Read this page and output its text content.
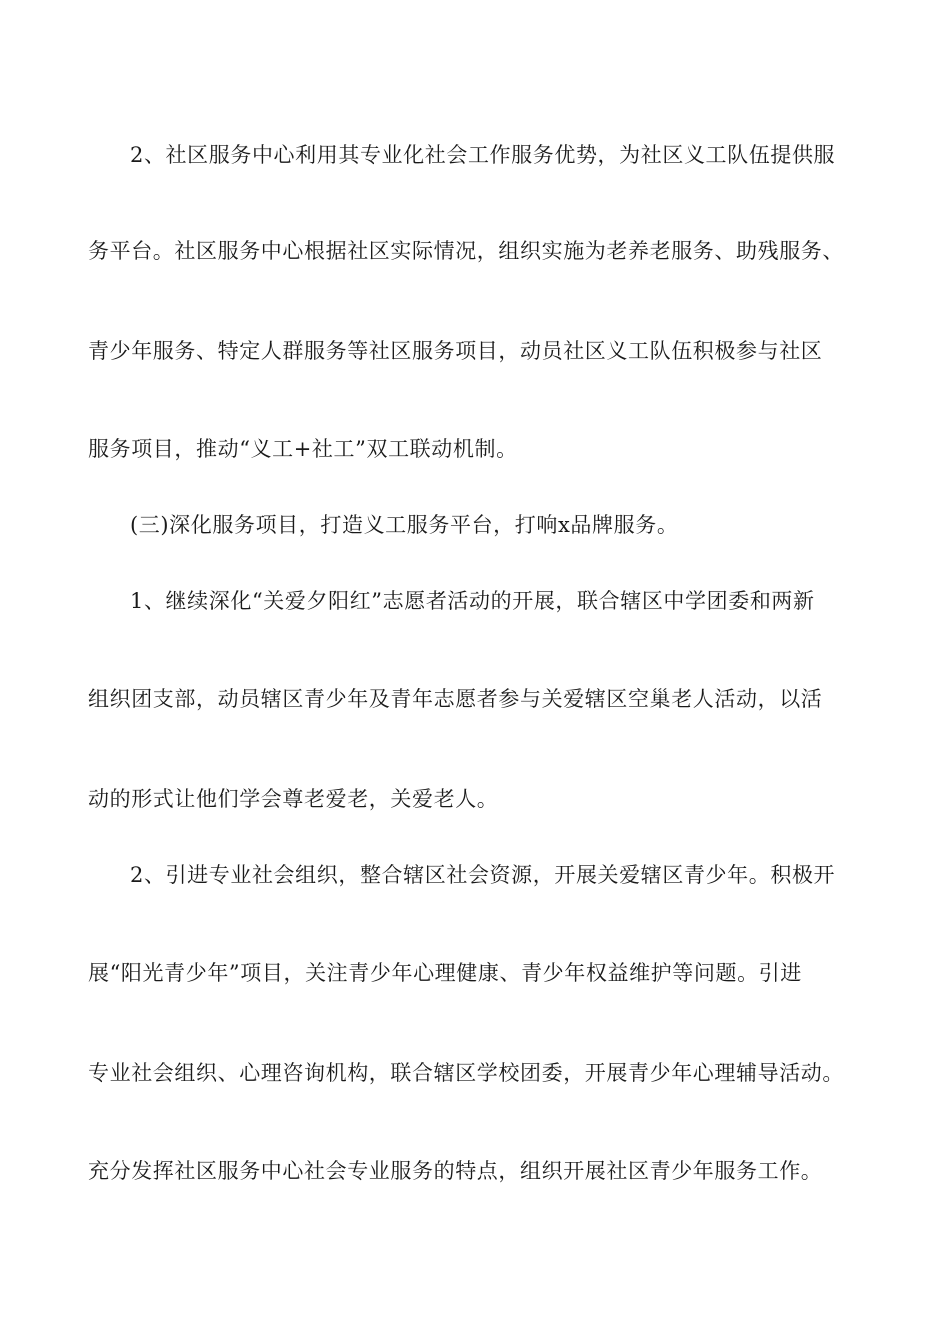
2、社区服务中心利用其专业化社会工作服务优势，为社区义工队伍提供服
务平台。社区服务中心根据社区实际情况，组织实施为老养老服务、助残服务、
青少年服务、特定人群服务等社区服务项目，动员社区义工队伍积极参与社区
服务项目，推动“义工+社工”双工联动机制。
(三)深化服务项目，打造义工服务平台，打响x品牌服务。
1、继续深化“关爱夕阳红”志愿者活动的开展，联合辖区中学团委和两新
组织团支部，动员辖区青少年及青年志愿者参与关爱辖区空巢老人活动，以活
动的形式让他们学会尊老爱老，关爱老人。
2、引进专业社会组织，整合辖区社会资源，开展关爱辖区青少年。积极开
展“阳光青少年”项目，关注青少年心理健康、青少年权益维护等问题。引进
专业社会组织、心理咨询机构，联合辖区学校团委，开展青少年心理辅导活动。
充分发挥社区服务中心社会专业服务的特点，组织开展社区青少年服务工作。
